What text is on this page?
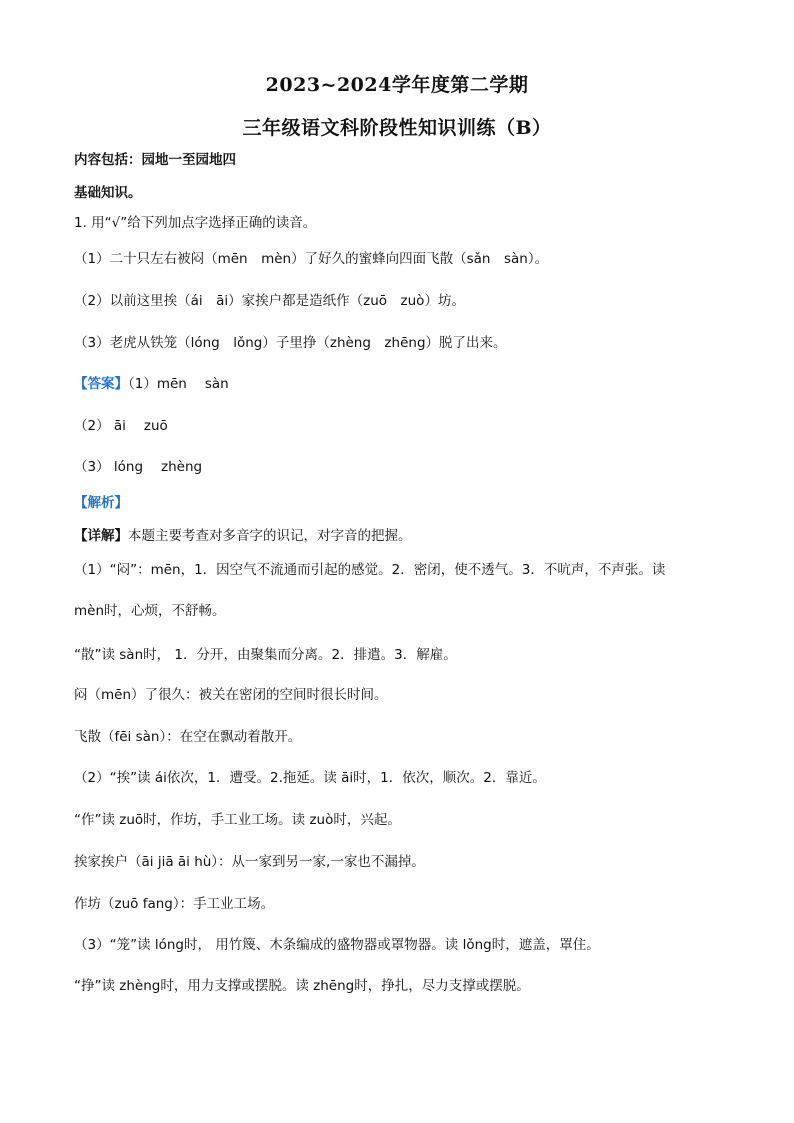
2023~2024学年度第二学期
三年级语文科阶段性知识训练（B）
内容包括：园地一至园地四
基础知识。
1. 用“√”给下列加点字选择正确的读音。
（1）二十只左右被闷（mēn　mèn）了好久的蜜蜂向四面飞散（sǎn　sàn）。
（2）以前这里挨（ái　āi）家挨户都是造纸作（zuō　zuò）坊。
（3）老虎从铁笼（lóng　lǒng）子里挣（zhèng　zhēng）脱了出来。
【答案】（1）mēn sàn
（2） āi zuō
（3） lóng zhèng
【解析】
【详解】本题主要考查对多音字的识记，对字音的把握。
（1）“闷”：mēn，1．因空气不流通而引起的感觉。2．密闭，使不透气。3．不吭声，不声张。读
mèn时，心烦，不舒畅。
“散”读 sàn时， 1．分开，由聚集而分离。2．排遣。3．解雇。
闷（mēn）了很久：被关在密闭的空间时很长时间。
飞散（fēi sàn）：在空在飘动着散开。
（2）“挨”读 ái依次，1．遭受。2.拖延。读 āi时，1．依次，顺次。2．靠近。
“作”读 zuō时，作坊，手工业工场。读 zuò时，兴起。
挨家挨户（āi jiā āi hù）：从一家到另一家,一家也不漏掉。
作坊（zuō fang）：手工业工场。
（3）“笼”读 lóng时， 用竹篾、木条编成的盛物器或罩物器。读 lǒng时，遮盖，罩住。
“挣”读 zhèng时，用力支撑或摆脱。读 zhēng时，挣扎，尽力支撑或摆脱。
